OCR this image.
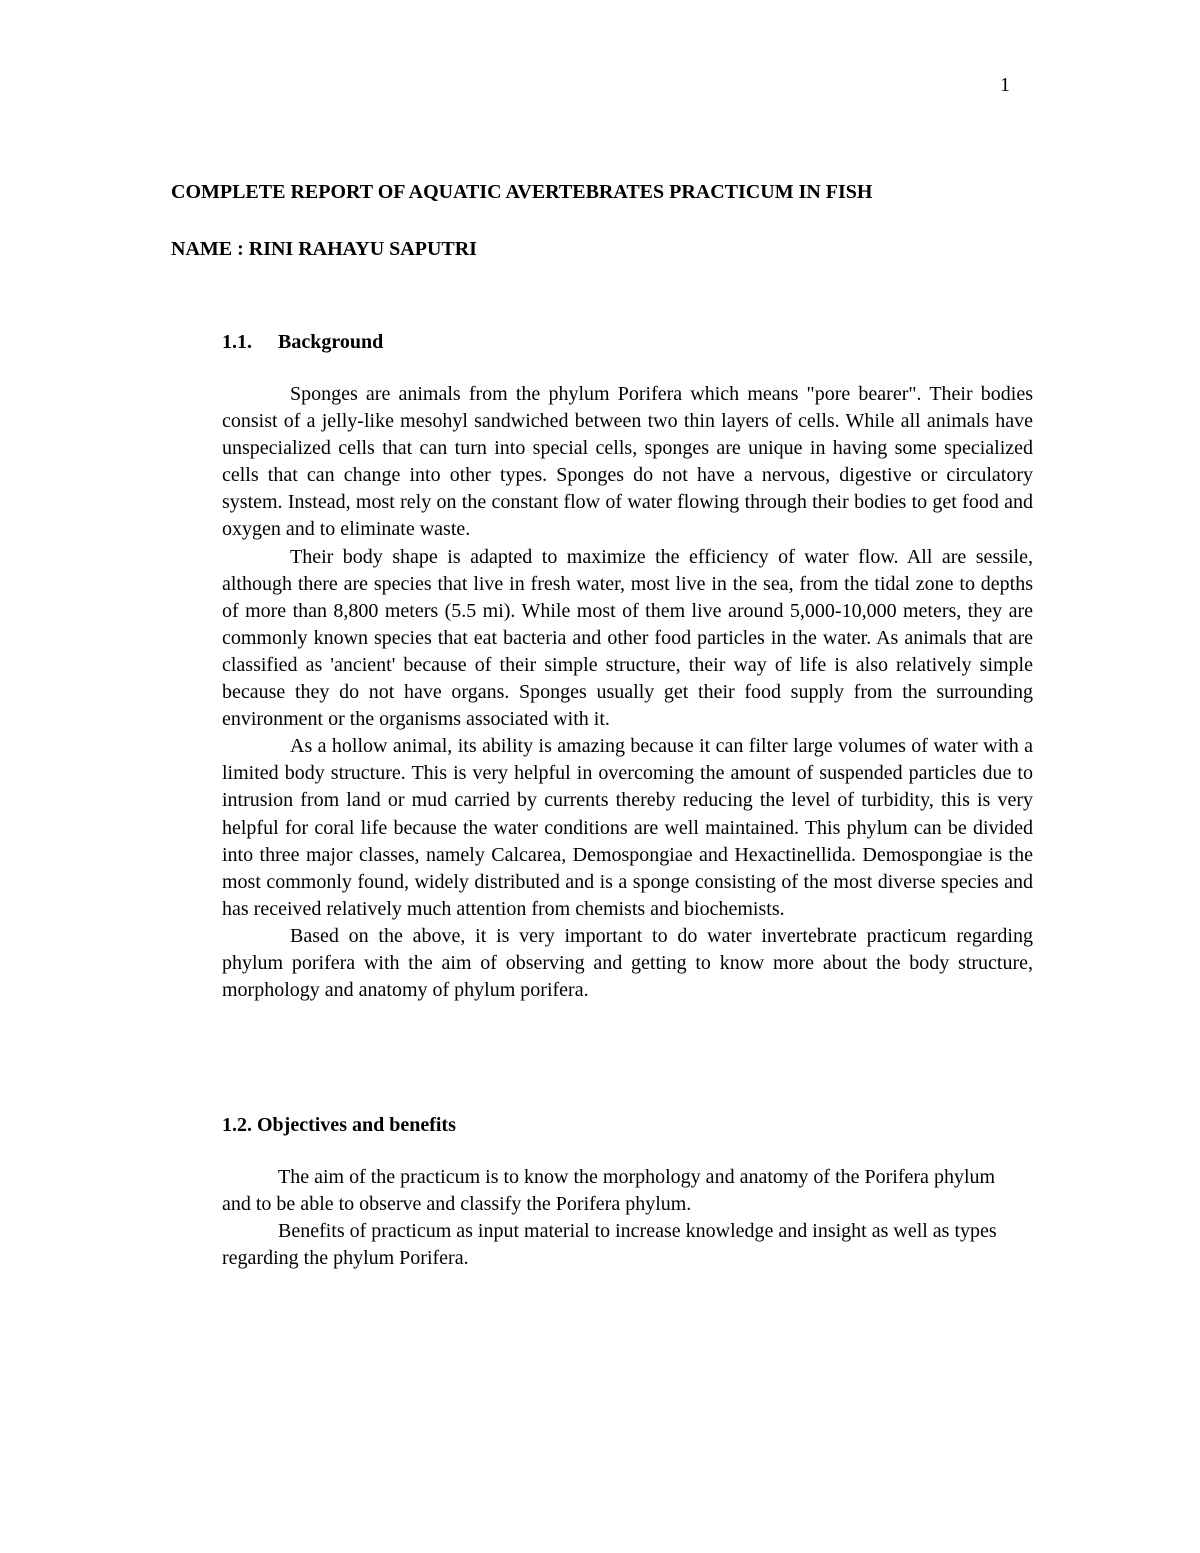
1
COMPLETE REPORT OF AQUATIC AVERTEBRATES PRACTICUM IN FISH
NAME : RINI RAHAYU SAPUTRI
1.1. Background

Sponges are animals from the phylum Porifera which means "pore bearer". Their bodies consist of a jelly-like mesohyl sandwiched between two thin layers of cells. While all animals have unspecialized cells that can turn into special cells, sponges are unique in having some specialized cells that can change into other types. Sponges do not have a nervous, digestive or circulatory system. Instead, most rely on the constant flow of water flowing through their bodies to get food and oxygen and to eliminate waste.

Their body shape is adapted to maximize the efficiency of water flow. All are sessile, although there are species that live in fresh water, most live in the sea, from the tidal zone to depths of more than 8,800 meters (5.5 mi). While most of them live around 5,000-10,000 meters, they are commonly known species that eat bacteria and other food particles in the water. As animals that are classified as 'ancient' because of their simple structure, their way of life is also relatively simple because they do not have organs. Sponges usually get their food supply from the surrounding environment or the organisms associated with it.

As a hollow animal, its ability is amazing because it can filter large volumes of water with a limited body structure. This is very helpful in overcoming the amount of suspended particles due to intrusion from land or mud carried by currents thereby reducing the level of turbidity, this is very helpful for coral life because the water conditions are well maintained. This phylum can be divided into three major classes, namely Calcarea, Demospongiae and Hexactinellida. Demospongiae is the most commonly found, widely distributed and is a sponge consisting of the most diverse species and has received relatively much attention from chemists and biochemists.

Based on the above, it is very important to do water invertebrate practicum regarding phylum porifera with the aim of observing and getting to know more about the body structure, morphology and anatomy of phylum porifera.

1.2. Objectives and benefits

The aim of the practicum is to know the morphology and anatomy of the Porifera phylum and to be able to observe and classify the Porifera phylum.

Benefits of practicum as input material to increase knowledge and insight as well as types regarding the phylum Porifera.
